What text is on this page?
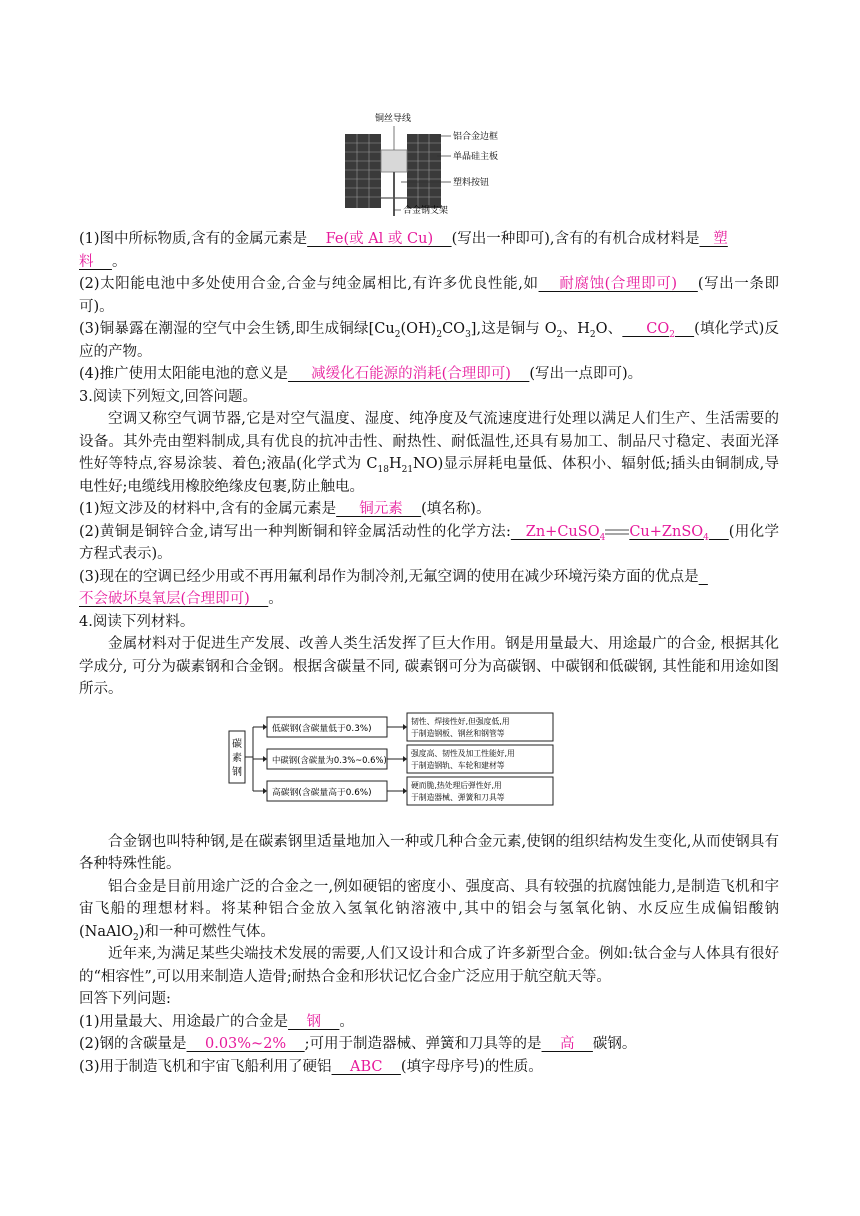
铜丝导线
铝合金边框
单晶硅主板
塑料按钮
合金钢支架

(1)图中所标物质,含有的金属元素是    Fe(或 Al 或 Cu)    (写出一种即可),含有的有机合成材料是   塑
料 。

(2)太阳能电池中多处使用合金,合金与纯金属相比,有许多优良性能,如    耐腐蚀(合理即可)    (写出一条即可)。

(3)铜暴露在潮湿的空气中会生锈,即生成铜绿$[Cu_2(OH)_2CO_3]$,这是铜与 $O_2$、$H_2O$、     $CO_2$ (填化学式)反应的产物。

(4)推广使用太阳能电池的意义是     减缓化石能源的消耗(合理即可)    (写出一点即可)。

3.阅读下列短文,回答问题。

空调又称空气调节器,它是对空气温度、湿度、纯净度及气流速度进行处理以满足人们生产、生活需要的设备。其外壳由塑料制成,具有优良的抗冲击性、耐热性、耐低温性,还具有易加工、制品尺寸稳定、表面光泽性好等特点,容易涂装、着色;液晶(化学式为 $C_{18}H_{21}NO$)显示屏耗电量低、体积小、辐射低;插头由铜制成,导电性好;电缆线用橡胶绝缘皮包裹,防止触电。

(1)短文涉及的材料中,含有的金属元素是     铜元素    (填名称)。

(2)黄铜是铜锌合金,请写出一种判断铜和锌金属活动性的化学方法:   Zn+CuSO$_4$ Cu+ZnSO$_4$ (用化学方程式表示)。

(3)现在的空调已经少用或不再用氟利昂作为制冷剂,无氟空调的使用在减少环境污染方面的优点是
不会破坏臭氧层(合理即可)    。

4.阅读下列材料。

金属材料对于促进生产发展、改善人类生活发挥了巨大作用。钢是用量最大、用途最广的合金, 根据其化学成分, 可分为碳素钢和合金钢。根据含碳量不同, 碳素钢可分为高碳钢、中碳钢和低碳钢, 其性能和用途如图所示。

碳
素
钢
低碳钢(含碳量低于0.3%)
韧性、焊接性好,但强度低,用
于制造钢板、钢丝和钢管等
中碳钢(含碳量为0.3%~0.6%)
强度高、韧性及加工性能好,用
于制造钢轨、车轮和建材等
高碳钢(含碳量高于0.6%)
硬而脆,热处理后弹性好,用
于制造器械、弹簧和刀具等

合金钢也叫特种钢,是在碳素钢里适量地加入一种或几种合金元素,使钢的组织结构发生变化,从而使钢具有各种特殊性能。

铝合金是目前用途广泛的合金之一,例如硬铝的密度小、强度高、具有较强的抗腐蚀能力,是制造飞机和宇宙飞船的理想材料。将某种铝合金放入氢氧化钠溶液中,其中的铝会与氢氧化钠、水反应生成偏铝酸钠(NaAlO$_2$)和一种可燃性气体。

近年来,为满足某些尖端技术发展的需要,人们又设计和合成了许多新型合金。例如:钛合金与人体具有很好的“相容性”,可以用来制造人造骨;耐热合金和形状记忆合金广泛应用于航空航天等。

回答下列问题:

(1)用量最大、用途最广的合金是    钢    。

(2)钢的含碳量是    0.03%~2%    ;可用于制造器械、弹簧和刀具等的是    高    碳钢。

(3)用于制造飞机和宇宙飞船利用了硬铝    ABC    (填字母序号)的性质。
